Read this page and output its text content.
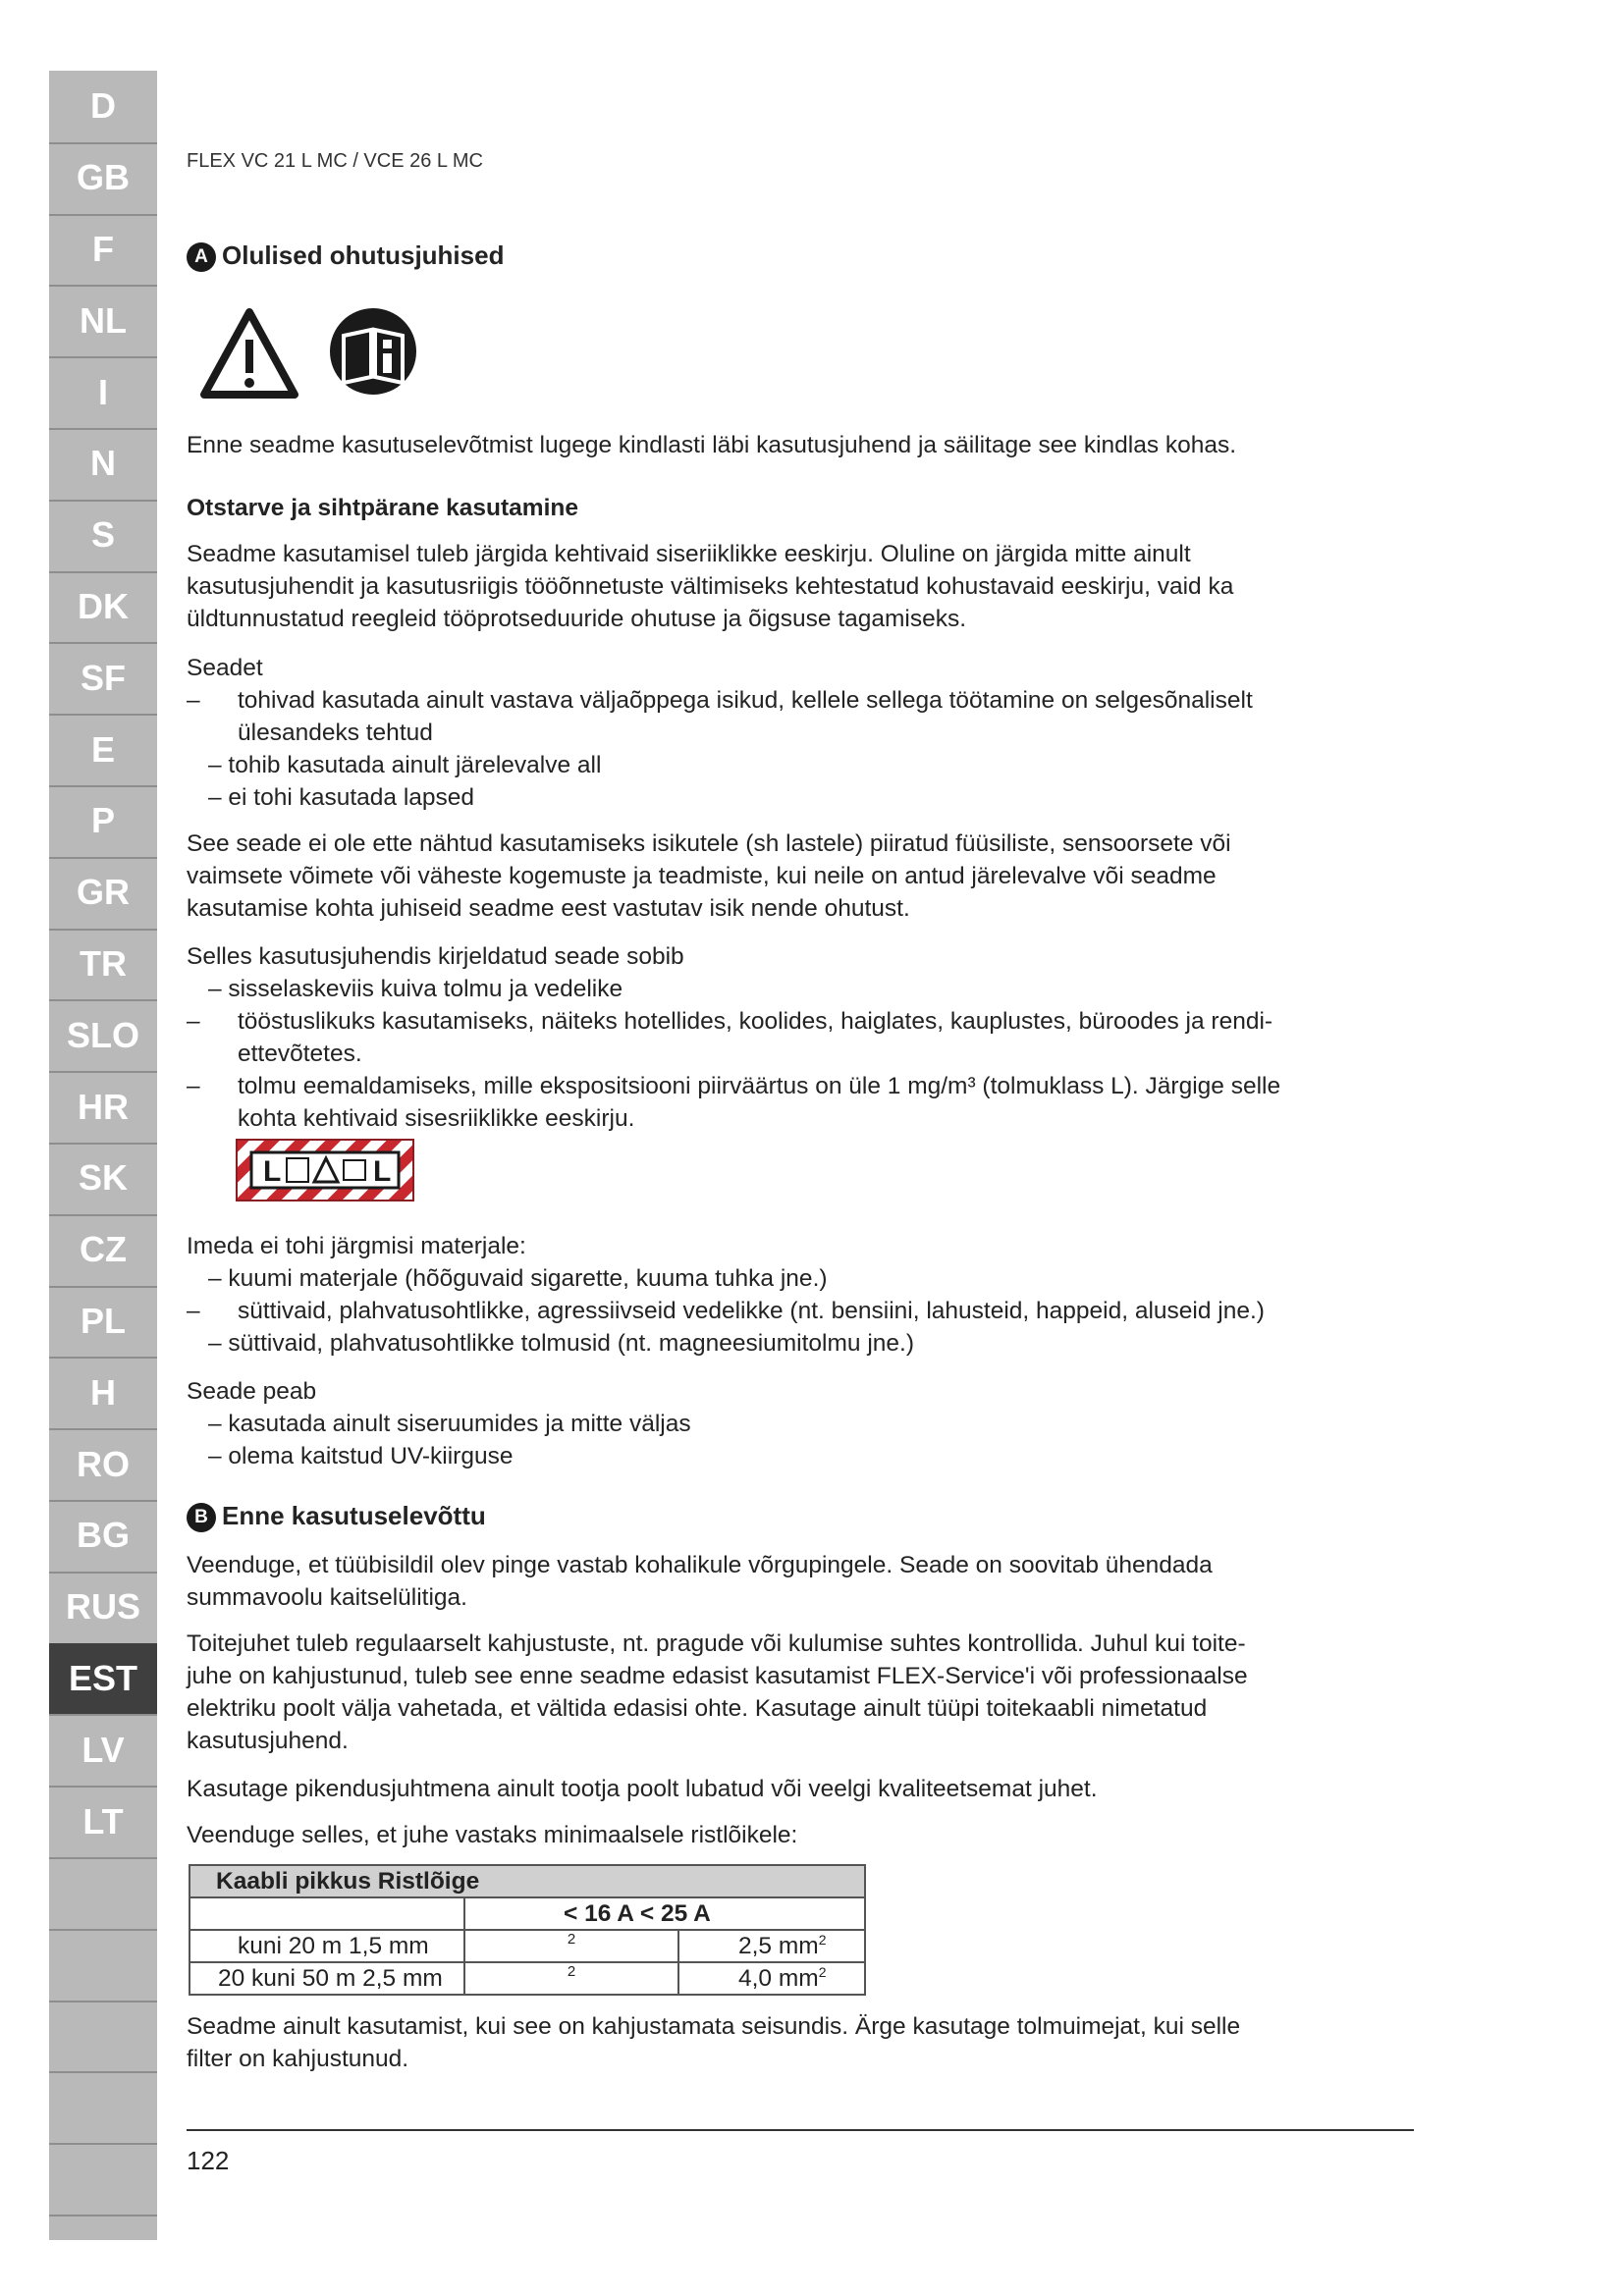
D
GB
F
NL
I
N
S
DK
SF
E
P
GR
TR
SLO
HR
SK
CZ
PL
H
RO
BG
RUS
EST
LV
LT
FLEX VC 21 L MC / VCE 26 L MC
A Olulised ohutusjuhised
Enne seadme kasutuselevõtmist lugege kindlasti läbi kasutusjuhend ja säilitage see kindlas kohas.
Otstarve ja sihtpärane kasutamine
Seadme kasutamisel tuleb järgida kehtivaid siseriiklikke eeskirju. Oluline on järgida mitte ainult
kasutusjuhendit ja kasutusriigis tööõnnetuste vältimiseks kehtestatud kohustavaid eeskirju, vaid ka
üldtunnustatud reegleid tööprotseduuride ohutuse ja õigsuse tagamiseks.
Seadet
– tohivad kasutada ainult vastava väljaõppega isikud, kellele sellega töötamine on selgesõnaliselt
ülesandeks tehtud
– tohib kasutada ainult järelevalve all
– ei tohi kasutada lapsed
See seade ei ole ette nähtud kasutamiseks isikutele (sh lastele) piiratud füüsiliste, sensoorsete või
vaimsete võimete või väheste kogemuste ja teadmiste, kui neile on antud järelevalve või seadme
kasutamise kohta juhiseid seadme eest vastutav isik nende ohutust.
Selles kasutusjuhendis kirjeldatud seade sobib
– sisselaskeviis kuiva tolmu ja vedelike
– tööstuslikuks kasutamiseks, näiteks hotellides, koolides, haiglates, kauplustes, büroodes ja rendi-
ettevõtetes.
– tolmu eemaldamiseks, mille ekspositsiooni piirväärtus on üle 1 mg/m³ (tolmuklass L). Järgige selle
kohta kehtivaid sisesriiklikke eeskirju.
L	L
Imeda ei tohi järgmisi materjale:
– kuumi materjale (hõõguvaid sigarette, kuuma tuhka jne.)
– süttivaid, plahvatusohtlikke, agressiivseid vedelikke (nt. bensiini, lahusteid, happeid, aluseid jne.)
– süttivaid, plahvatusohtlikke tolmusid (nt. magneesiumitolmu jne.)
Seade peab
– kasutada ainult siseruumides ja mitte väljas
– olema kaitstud UV-kiirguse
B Enne kasutuselevõttu
Veenduge, et tüübisildil olev pinge vastab kohalikule võrgupingele. Seade on soovitab ühendada
summavoolu kaitselülitiga.
Toitejuhet tuleb regulaarselt kahjustuste, nt. pragude või kulumise suhtes kontrollida. Juhul kui toite-
juhe on kahjustunud, tuleb see enne seadme edasist kasutamist FLEX-Service'i või professionaalse
elektriku poolt välja vahetada, et vältida edasisi ohte. Kasutage ainult tüüpi toitekaabli nimetatud
kasutusjuhend.
Kasutage pikendusjuhtmena ainult tootja poolt lubatud või veelgi kvaliteetsemat juhet.
Veenduge selles, et juhe vastaks minimaalsele ristlõikele:
Kaabli pikkus Ristlõige		
	< 16 A < 25 A	
kuni 20 m 1,5 mm	2	2,5 $mm^2$
20 kuni 50 m 2,5 mm	2	4,0 $mm^2$
Seadme ainult kasutamist, kui see on kahjustamata seisundis. Ärge kasutage tolmuimejat, kui selle
filter on kahjustunud.
122
